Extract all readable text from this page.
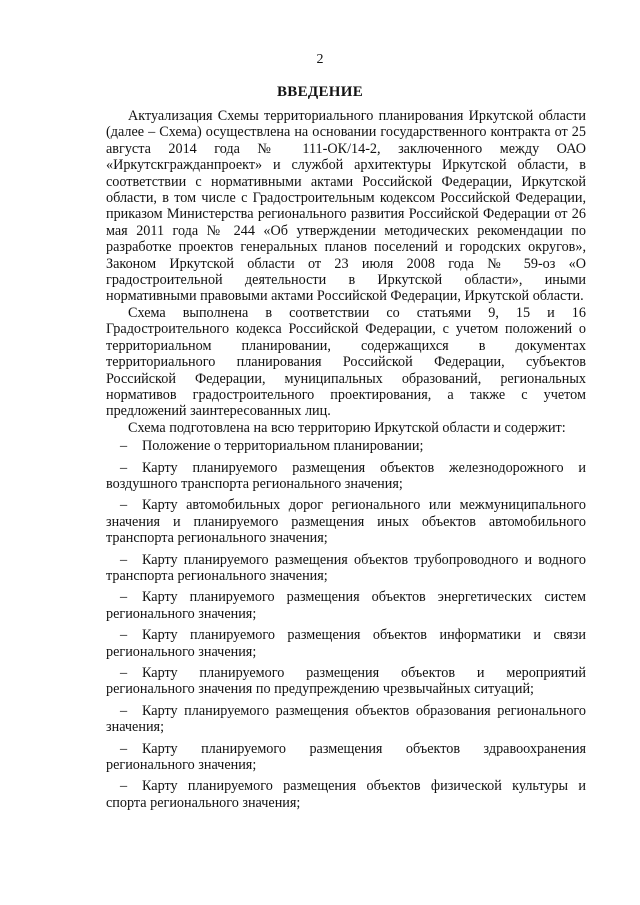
2
ВВЕДЕНИЕ

Актуализация Схемы территориального планирования Иркутской области (далее – Схема) осуществлена на основании государственного контракта от 25 августа 2014 года № 111-ОК/14-2, заключенного между ОАО «Иркутскгражданпроект» и службой архитектуры Иркутской области, в соответствии с нормативными актами Российской Федерации, Иркутской области, в том числе с Градостроительным кодексом Российской Федерации, приказом Министерства регионального развития Российской Федерации от 26 мая 2011 года № 244 «Об утверждении методических рекомендации по разработке проектов генеральных планов поселений и городских округов», Законом Иркутской области от 23 июля 2008 года № 59-оз «О градостроительной деятельности в Иркутской области», иными нормативными правовыми актами Российской Федерации, Иркутской области.

Схема выполнена в соответствии со статьями 9, 15 и 16 Градостроительного кодекса Российской Федерации, с учетом положений о территориальном планировании, содержащихся в документах территориального планирования Российской Федерации, субъектов Российской Федерации, муниципальных образований, региональных нормативов градостроительного проектирования, а также с учетом предложений заинтересованных лиц.

Схема подготовлена на всю территорию Иркутской области и содержит:

– Положение о территориальном планировании;
– Карту планируемого размещения объектов железнодорожного и воздушного транспорта регионального значения;
– Карту автомобильных дорог регионального или межмуниципального значения и планируемого размещения иных объектов автомобильного транспорта регионального значения;
– Карту планируемого размещения объектов трубопроводного и водного транспорта регионального значения;
– Карту планируемого размещения объектов энергетических систем регионального значения;
– Карту планируемого размещения объектов информатики и связи регионального значения;
– Карту планируемого размещения объектов и мероприятий регионального значения по предупреждению чрезвычайных ситуаций;
– Карту планируемого размещения объектов образования регионального значения;
– Карту планируемого размещения объектов здравоохранения регионального значения;
– Карту планируемого размещения объектов физической культуры и спорта регионального значения;
